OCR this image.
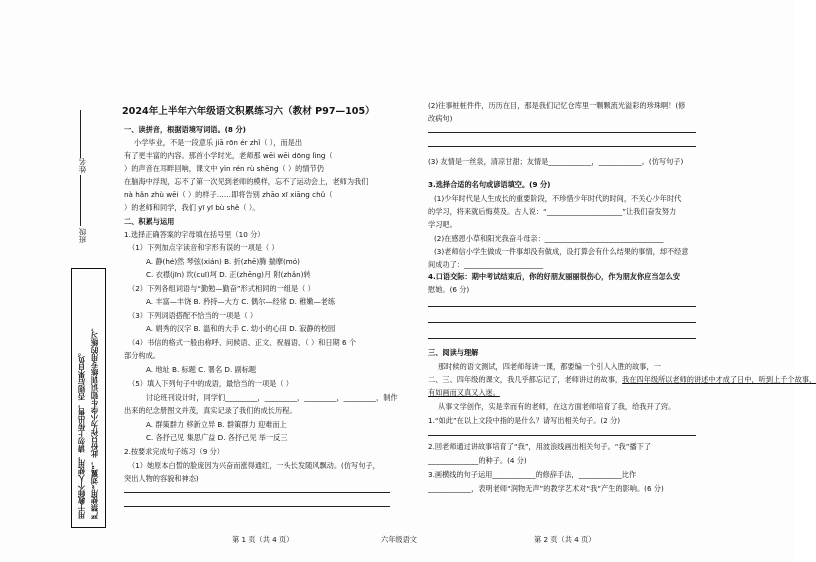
姓名
班级
严禁使用“刘翼”，此份只作为小学生知识训练专用的练习，
用于教师个人使用，请勿上传出售，否则后果自负。
2024年上半年六年级语文积累练习六（教材 P97—105）
一、读拼音，根据语境写词语。(8 分)
小学毕业，不是一段意乐 jiā rōn ér zhǐ（ ），而是出
有了更丰富的内容。那首小学时光，老师那 wēi wēi dōng lìng（
）的声音在耳畔回响，课文中 yìn rén rù shēng（ ）的情节仍
在脑海中浮现，忘不了第一次见到老师的模样，忘不了运动会上，老师为我们
nà hǎn zhù wēi（ ）的样子……即将告别 zhāo xī xiāng chǔ（
）的老师和同学，我们 yī yī bù shě（ ）。
二、积累与运用
1.选择正确答案的字母填在括号里（10 分）
（1）下列加点字读音和字形有误的一项是（ ）
A. 静(hé)然 琴弦(xián) B. 折(zhē)腾 揣摩(mó)
C. 衣襟(jīn) 坎(cuī)坷 D. 正(zhēng)月 附(zhǎn)转
（2）下列各组词语与“勤勉—勤奋”形式相同的一组是（ ）
A. 丰富—丰饶 B. 矜持—大方 C. 偶尔—经常 D. 稚嫩—老练
（3）下列词语搭配不恰当的一项是（ ）
A. 娟秀的汉字 B. 温和的大手 C. 幼小的心田 D. 寂静的校园
（4）书信的格式一般由称呼、问候语、正文、祝福语、（ ）和日期 6 个
部分构成。
A. 地址 B. 标题 C. 署名 D. 副标题
（5）填入下列句子中的成语，最恰当的一项是（ ）
讨论班刊设计时，同学们_________，_________，_________，_________，制作
出来的纪念册图文并茂，真实记录了我们的成长历程。
A. 群策群力 移新立异 B. 群策群力 迎难而上
C. 各抒己见 集思广益 D. 各抒己见 举一反三
2.按要求完成句子练习（9 分）
（1）她原本白皙的脸庞因为兴奋而涨得通红，一头长发随风飘动。(仿写句子，
突出人物的容貌和神态)
(2)往事桩桩件件，历历在目，那是我们记忆仓库里一颗颗流光溢彩的珍珠啊！(修
改病句)
(3) 友情是一丝泉，清凉甘甜；友情是____________，____________。(仿写句子)
3.选择合适的名句或谚语填空。(9 分)
(1)少年时代是人生成长的重要阶段，不珍惜少年时代的时间，不关心少年时代
的学习，将来就后悔莫及。古人说：“_____________________”让我们奋发努力
学习吧。
(2)在感恩小草和阳光我奋斗母亲：_________________________________
(3)老师信小学生做成一件事却没有做成，设打算会有什么结果的事情，却不经意
间成功了：______________________
4.口语交际：期中考试结束后，你的好朋友丽丽很伤心，作为朋友你应当怎么安
慰她。(6 分)
三、阅读与理解
那时候的语文测试，四老师每讲一课，都要编一个引人入胜的故事，一
二、三、四年级的课文，我几乎都忘记了，老师讲过的故事，我在四年级所以老师的讲述中才成了日中，听到上千个故事，
有如画而又真又入迷。
从事文学创作，实是幸而有的老师，在这方面老师培育了我，给我开了窍。
1.“如此”在以上文段中指的是什么？请写出相关句子。(2 分)
2.回老师通过讲故事培育了“我”，用波浪线画出相关句子。“我”播下了
______________的种子。(4 分)
3.画横线的句子运用____________的修辞手法，____________比作
____________，表明老师“润物无声”的教学艺术对“我”产生的影响。(6 分)
第 1 页（共 4 页）	六年级语文	第 2 页（共 4 页）
